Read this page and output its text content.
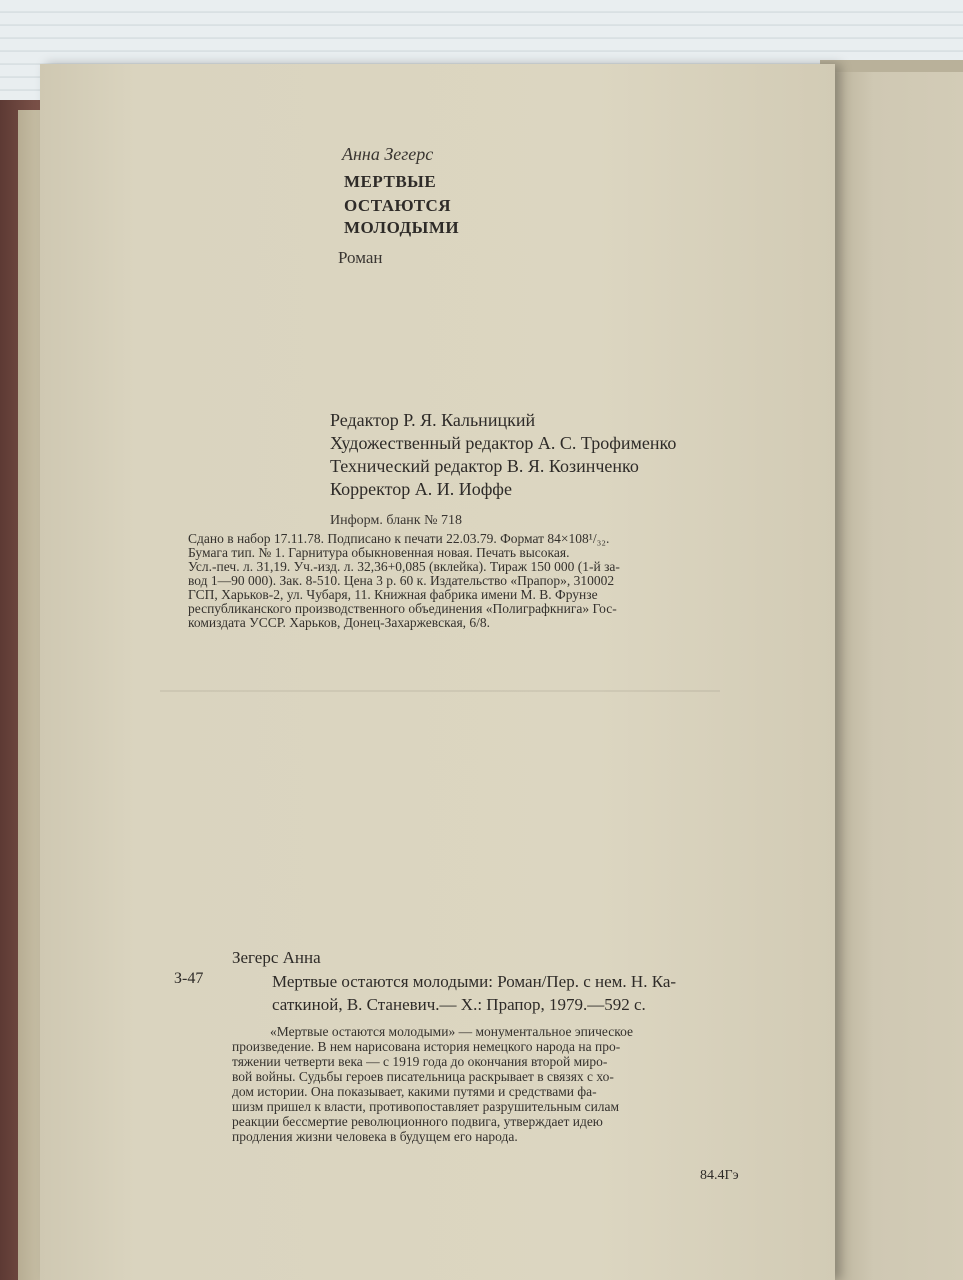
Анна Зегерс
МЕРТВЫЕ
ОСТАЮТСЯ
МОЛОДЫМИ
Роман
Редактор Р. Я. Кальницкий
Художественный редактор А. С. Трофименко
Технический редактор В. Я. Козинченко
Корректор А. И. Иоффе
Информ. бланк № 718
Сдано в набор 17.11.78. Подписано к печати 22.03.79. Формат 84×108¹/₃₂.
Бумага тип. № 1. Гарнитура обыкновенная новая. Печать высокая.
Усл.-печ. л. 31,19. Уч.-изд. л. 32,36+0,085 (вклейка). Тираж 150 000 (1-й за-
вод 1—90 000). Зак. 8-510. Цена 3 р. 60 к. Издательство «Прапор», 310002
ГСП, Харьков-2, ул. Чубаря, 11. Книжная фабрика имени М. В. Фрунзе
республиканского производственного объединения «Полиграфкнига» Гос-
комиздата УССР. Харьков, Донец-Захаржевская, 6/8.
З-47
Зегерс Анна
Мертвые остаются молодыми: Роман/Пер. с нем. Н. Ка-
саткиной, В. Станевич.— Х.: Прапор, 1979.—592 с.
«Мертвые остаются молодыми» — монументальное эпическое
произведение. В нем нарисована история немецкого народа на про-
тяжении четверти века — с 1919 года до окончания второй миро-
вой войны. Судьбы героев писательница раскрывает в связях с хо-
дом истории. Она показывает, какими путями и средствами фа-
шизм пришел к власти, противопоставляет разрушительным силам
реакции бессмертие революционного подвига, утверждает идею
продления жизни человека в будущем его народа.
84.4Гэ
